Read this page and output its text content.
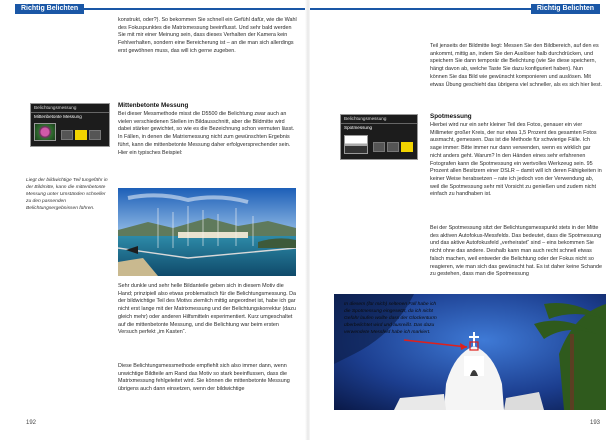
Richtig Belichten

konstrukt, oder?). So bekommen Sie schnell ein Gefühl dafür, wie die Wahl des Fokuspunktes die Matrixmessung beeinflusst. Und sehr bald werden Sie mit mir einer Meinung sein, dass dieses Verhalten der Kamera kein Fehlverhalten, sondern eine Bereicherung ist – an die man sich allerdings erst gewöhnen muss, das will ich gerne zugeben.

Belichtungsmessung
Mittenbetonte Messung
Mittenbetonte Messung

Bei dieser Messmethode misst die D5500 die Belichtung zwar auch an vielen verschiedenen Stellen im Bildausschnitt, aber die Bildmitte wird dabei stärker gewichtet, so wie es die Bezeichnung schon vermuten lässt. In Fällen, in denen die Matrixmessung nicht zum gewünschten Ergebnis führt, kann die mittenbetonte Messung daher erfolgversprechender sein. Hier ein typisches Beispiel:

Liegt der bildwichtige Teil tungefähr in der Bildmitte, kann die mittenbetonte Messung unter Umständen schneller zu den passenden Belichtungsergebnissen führen.

Sehr dunkle und sehr helle Bildanteile geben sich in diesem Motiv die Hand; prinzipiell also etwas problematisch für die Belichtungsmessung. Da der bildwichtige Teil des Motivs ziemlich mittig angeordnet ist, habe ich gar nicht erst lange mit der Matrixmessung und der Belichtungskorrektur (dazu gleich mehr) oder anderen Hilfsmitteln experimentiert. Kurz umgeschaltet auf die mittenbetonte Messung, und die Belichtung war beim ersten Versuch perfekt „im Kasten“.

Diese Belichtungsmessmethode empfiehlt sich also immer dann, wenn unwichtige Bildteile am Rand das Motiv so stark beeinflussen, dass die Matrixmessung fehlgeleitet wird. Sie können die mittenbetonte Messung übrigens auch dann einsetzen, wenn der bildwichtige

192
Richtig Belichten

Teil jenseits der Bildmitte liegt: Messen Sie den Bildbereich, auf den es ankommt, mittig an, indem Sie den Auslöser halb durchdrücken, und speichern Sie dann temporär die Belichtung (wie Sie diese speichern, hängt davon ab, welche Taste Sie dazu konfiguriert haben). Nun können Sie das Bild wie gewünscht komponieren und auslösen. Mit etwas Übung geschieht das übrigens viel schneller, als es sich hier liest.

Belichtungsmessung
Spotmessung
Spotmessung

Hierbei wird nur ein sehr kleiner Teil des Fotos, genauer ein vier Millimeter großer Kreis, der nur etwa 1,5 Prozent des gesamten Fotos ausmacht, gemessen. Das ist die Methode für schwierige Fälle. Ich sage immer: Bitte immer nur dann verwenden, wenn es wirklich gar nicht anders geht. Warum? In den Händen eines sehr erfahrenen Fotografen kann die Spotmessung ein wertvolles Werkzeug sein. 95 Prozent allen Besitzern einer DSLR – damit will ich deren Fähigkeiten in keiner Weise herabsetzen – rate ich jedoch von der Verwendung ab, weil die Spotmessung sehr mit Vorsicht zu genießen und zudem nicht einfach zu handhaben ist.

Bei der Spotmessung sitzt der Belichtungsmesspunkt stets in der Mitte des aktiven Autofokus-Messfelds. Das bedeutet, dass die Spotmessung und das aktive Autofokusfeld „verheiratet“ sind – eins bekommen Sie nicht ohne das andere. Deshalb kann man auch recht schnell etwas falsch machen, weil entweder die Belichtung oder der Fokus nicht so reagieren, wie man sich das gewünscht hat. Es ist daher keine Schande zu gestehen, dass man die Spotmessung

In diesem (für mich) seltenen Fall habe ich die Spotmessung eingesetzt, da ich nicht Gefahr laufen wollte dass der Glockenturm überbelichtet wird und ausreißt. Das dazu verwendete Messfeld habe ich markiert.

193
